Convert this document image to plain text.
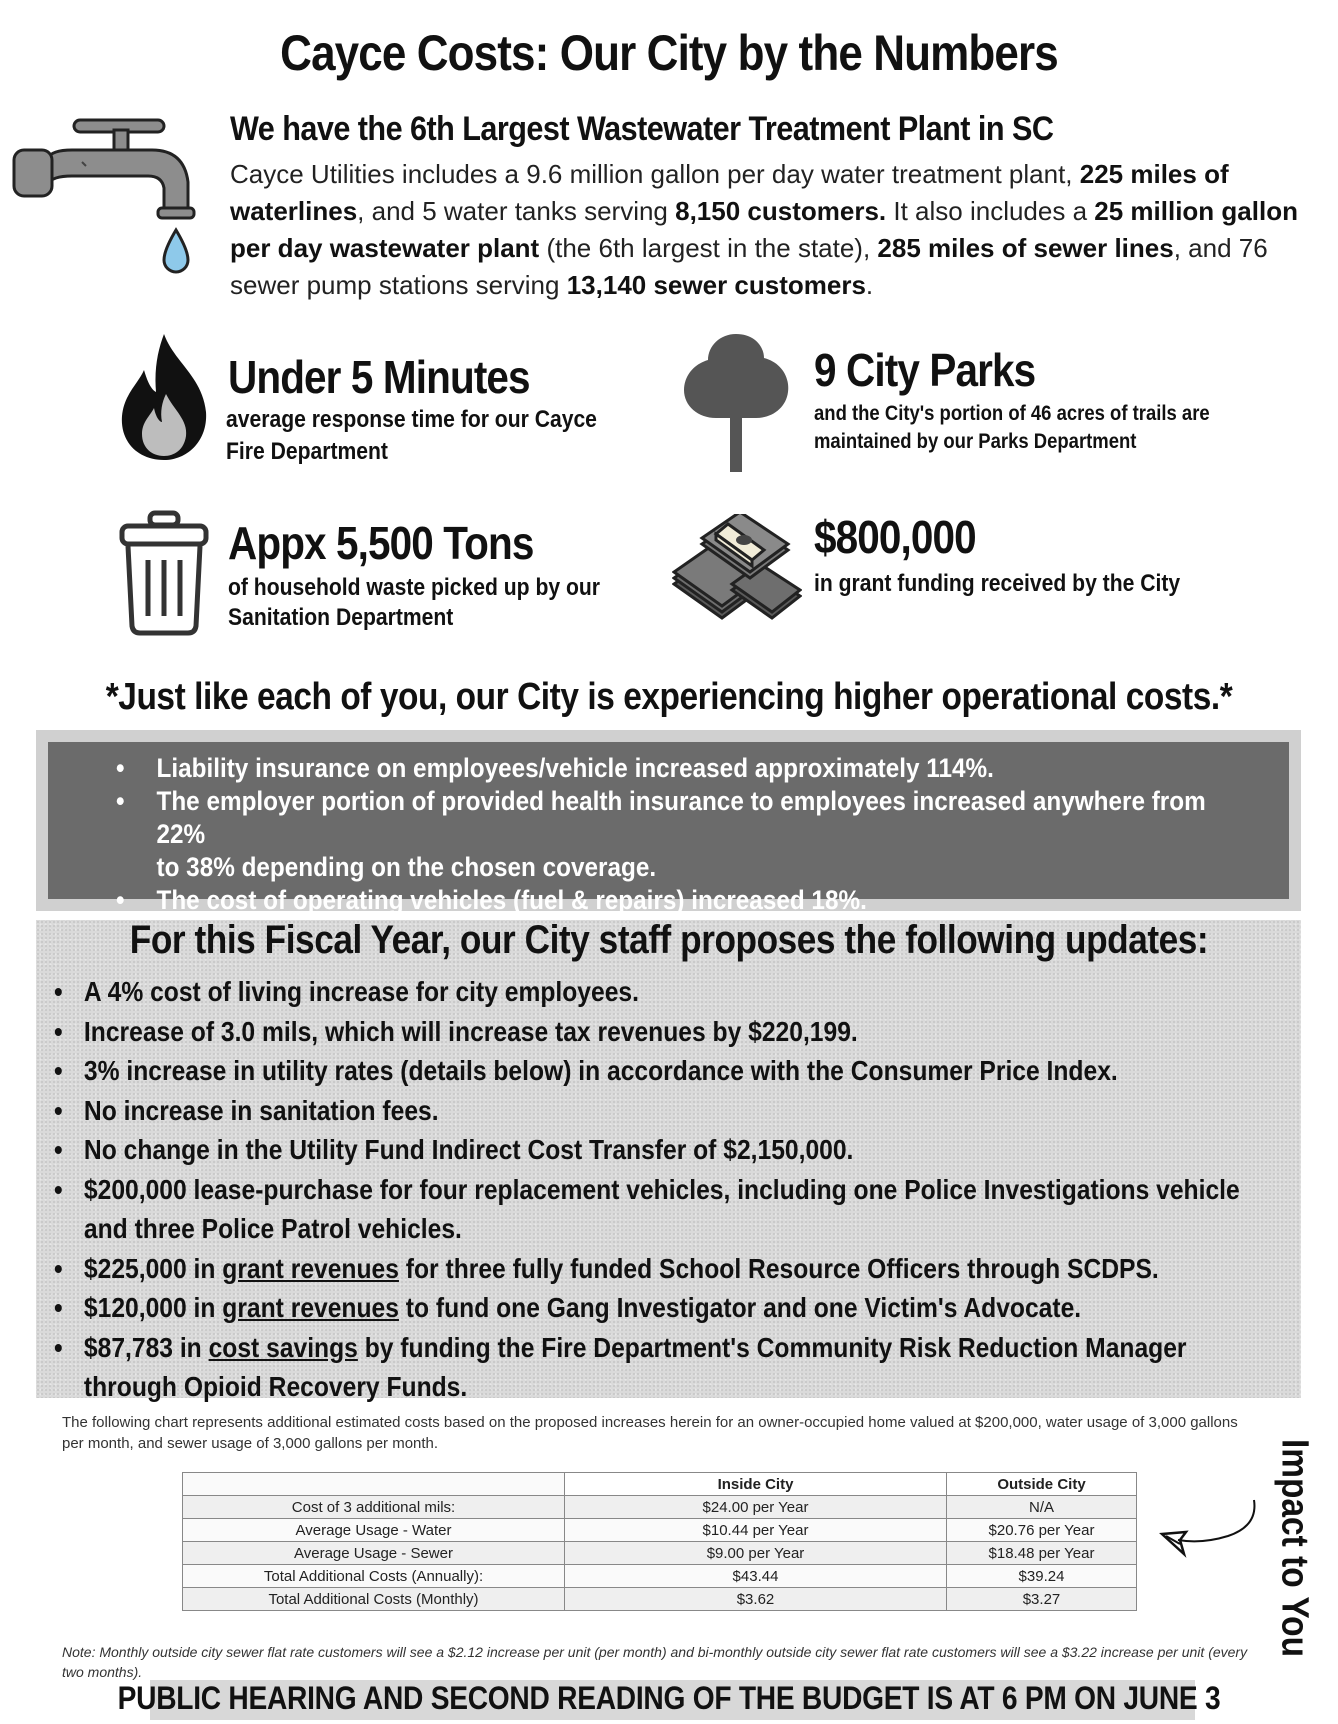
Cayce Costs: Our City by the Numbers
We have the 6th Largest Wastewater Treatment Plant in SC

Cayce Utilities includes a 9.6 million gallon per day water treatment plant, 225 miles of waterlines, and 5 water tanks serving 8,150 customers. It also includes a 25 million gallon per day wastewater plant (the 6th largest in the state), 285 miles of sewer lines, and 76 sewer pump stations serving 13,140 sewer customers.

Under 5 Minutes
average response time for our Cayce
Fire Department
9 City Parks
and the City's portion of 46 acres of trails are
maintained by our Parks Department
Appx 5,500 Tons
of household waste picked up by our
Sanitation Department
$800,000
in grant funding received by the City
*Just like each of you, our City is experiencing higher operational costs.*
• Liability insurance on employees/vehicle increased approximately 114%.
• The employer portion of provided health insurance to employees increased anywhere from 22%
to 38% depending on the chosen coverage.
• The cost of operating vehicles (fuel & repairs) increased 18%.
For this Fiscal Year, our City staff proposes the following updates:
• A 4% cost of living increase for city employees.
• Increase of 3.0 mils, which will increase tax revenues by $220,199.
• 3% increase in utility rates (details below) in accordance with the Consumer Price Index.
• No increase in sanitation fees.
• No change in the Utility Fund Indirect Cost Transfer of $2,150,000.
• $200,000 lease-purchase for four replacement vehicles, including one Police Investigations vehicle
and three Police Patrol vehicles.
• $225,000 in grant revenues for three fully funded School Resource Officers through SCDPS.
• $120,000 in grant revenues to fund one Gang Investigator and one Victim's Advocate.
• $87,783 in cost savings by funding the Fire Department's Community Risk Reduction Manager
through Opioid Recovery Funds.

The following chart represents additional estimated costs based on the proposed increases herein for an owner-occupied home valued at $200,000, water usage of 3,000 gallons per month, and sewer usage of 3,000 gallons per month.

	Inside City	Outside City
Cost of 3 additional mils:	$24.00 per Year	N/A
Average Usage - Water	$10.44 per Year	$20.76 per Year
Average Usage - Sewer	$9.00 per Year	$18.48 per Year
Total Additional Costs (Annually):	$43.44	$39.24
Total Additional Costs (Monthly)	$3.62	$3.27	Impact to You

Note: Monthly outside city sewer flat rate customers will see a $2.12 increase per unit (per month) and bi-monthly outside city sewer flat rate customers will see a $3.22 increase per unit (every two months).

PUBLIC HEARING AND SECOND READING OF THE BUDGET IS AT 6 PM ON JUNE 3
